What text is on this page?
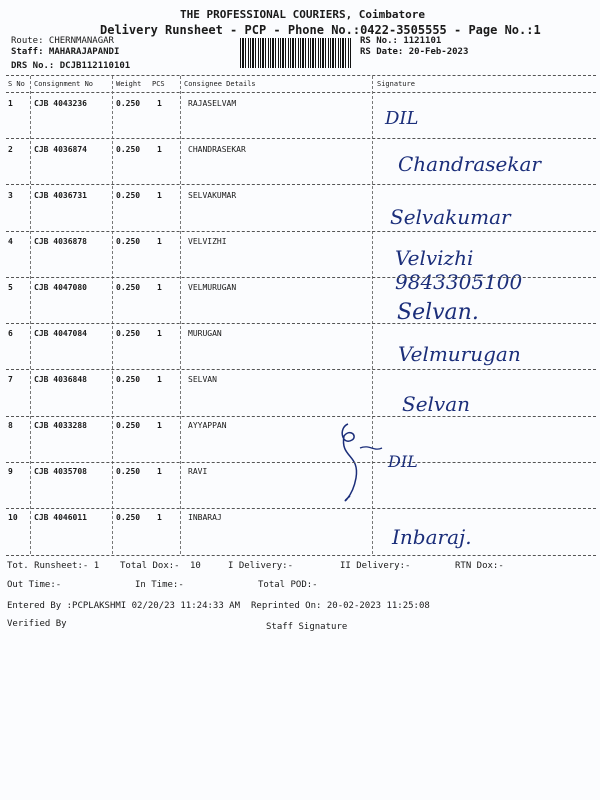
THE PROFESSIONAL COURIERS, Coimbatore
Delivery Runsheet - PCP - Phone No.:0422-3505555 - Page No.:1
Route: CHERNMANAGAR
Staff: MAHARAJAPANDI
DRS No.: DCJB112110101
RS No.: 1121101
RS Date: 20-Feb-2023
S No Consignment No	Weight PCS	Consignee Details	Signature
1	CJB 4043236	0.250 1	RAJASELVAM
DIL
2	CJB 4036874	0.250 1	CHANDRASEKAR
Chandrasekar
3	CJB 4036731	0.250 1	SELVAKUMAR
Selvakumar
4	CJB 4036878	0.250 1	VELVIZHI
Velvizhi 9843305100
5	CJB 4047080	0.250 1	VELMURUGAN
Selvan.
6	CJB 4047084	0.250 1	MURUGAN
Velmurugan
7	CJB 4036848	0.250 1	SELVAN
Selvan
8	CJB 4033288	0.250 1	AYYAPPAN
9	CJB 4035708	0.250 1	RAVI
DIL
10 CJB 4046011	0.250 1	INBARAJ
Inbaraj.
Tot. Runsheet:- 1 Total Dox:- 10	I Delivery:-	II Delivery:-	RTN Dox:-
Out Time:-	In Time:-	Total POD:-
Entered By :PCPLAKSHMI 02/20/23 11:24:33 AM Reprinted On: 20-02-2023 11:25:08
Verified By	Staff Signature
